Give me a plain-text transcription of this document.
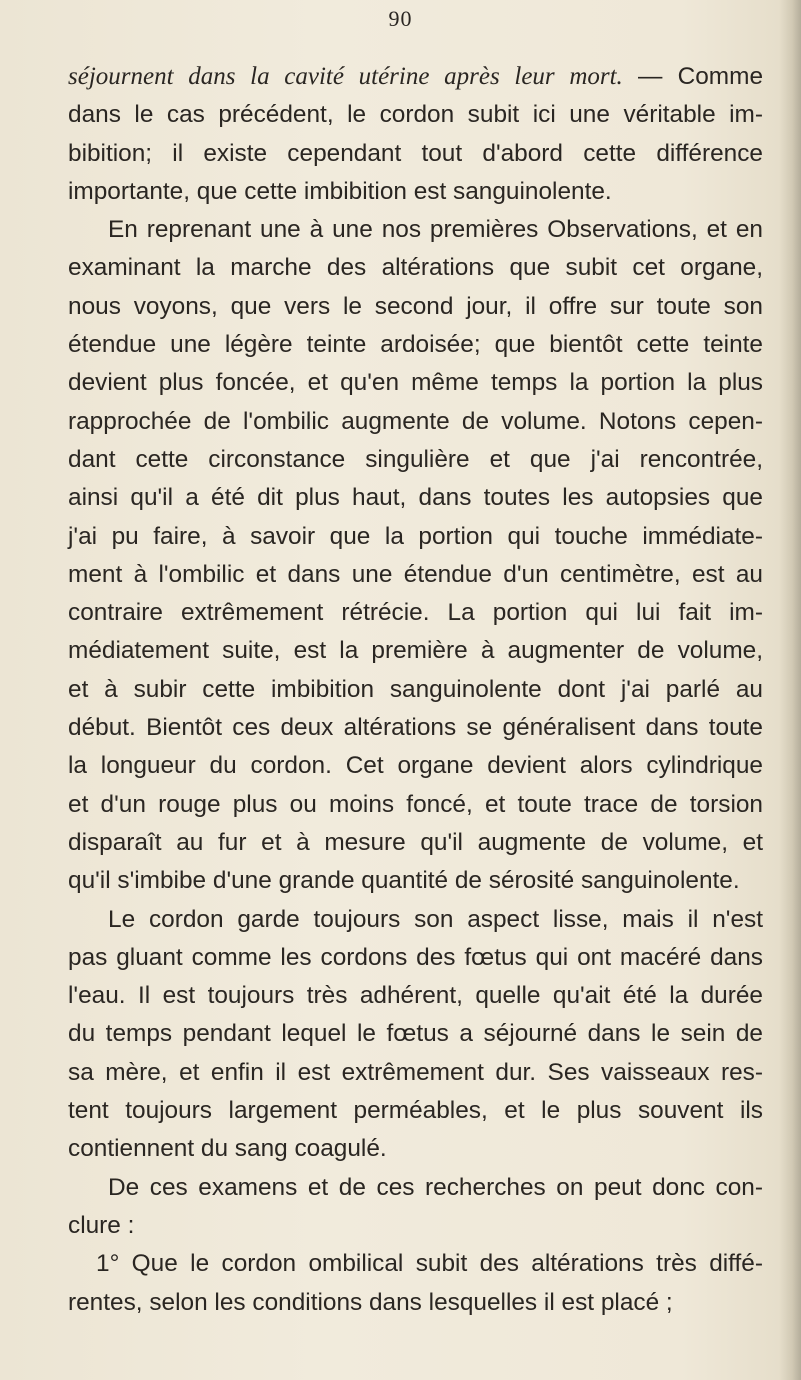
90
séjournent dans la cavité utérine après leur mort. — Comme
dans le cas précédent, le cordon subit ici une véritable im-
bibition; il existe cependant tout d'abord cette différence
importante, que cette imbibition est sanguinolente.
En reprenant une à une nos premières Observations, et en
examinant la marche des altérations que subit cet organe,
nous voyons, que vers le second jour, il offre sur toute son
étendue une légère teinte ardoisée; que bientôt cette teinte
devient plus foncée, et qu'en même temps la portion la plus
rapprochée de l'ombilic augmente de volume. Notons cepen-
dant cette circonstance singulière et que j'ai rencontrée,
ainsi qu'il a été dit plus haut, dans toutes les autopsies que
j'ai pu faire, à savoir que la portion qui touche immédiate-
ment à l'ombilic et dans une étendue d'un centimètre, est au
contraire extrêmement rétrécie. La portion qui lui fait im-
médiatement suite, est la première à augmenter de volume,
et à subir cette imbibition sanguinolente dont j'ai parlé au
début. Bientôt ces deux altérations se généralisent dans toute
la longueur du cordon. Cet organe devient alors cylindrique
et d'un rouge plus ou moins foncé, et toute trace de torsion
disparaît au fur et à mesure qu'il augmente de volume, et
qu'il s'imbibe d'une grande quantité de sérosité sanguinolente.
Le cordon garde toujours son aspect lisse, mais il n'est
pas gluant comme les cordons des fœtus qui ont macéré dans
l'eau. Il est toujours très adhérent, quelle qu'ait été la durée
du temps pendant lequel le fœtus a séjourné dans le sein de
sa mère, et enfin il est extrêmement dur. Ses vaisseaux res-
tent toujours largement perméables, et le plus souvent ils
contiennent du sang coagulé.
De ces examens et de ces recherches on peut donc con-
clure :
1° Que le cordon ombilical subit des altérations très diffé-
rentes, selon les conditions dans lesquelles il est placé ;
